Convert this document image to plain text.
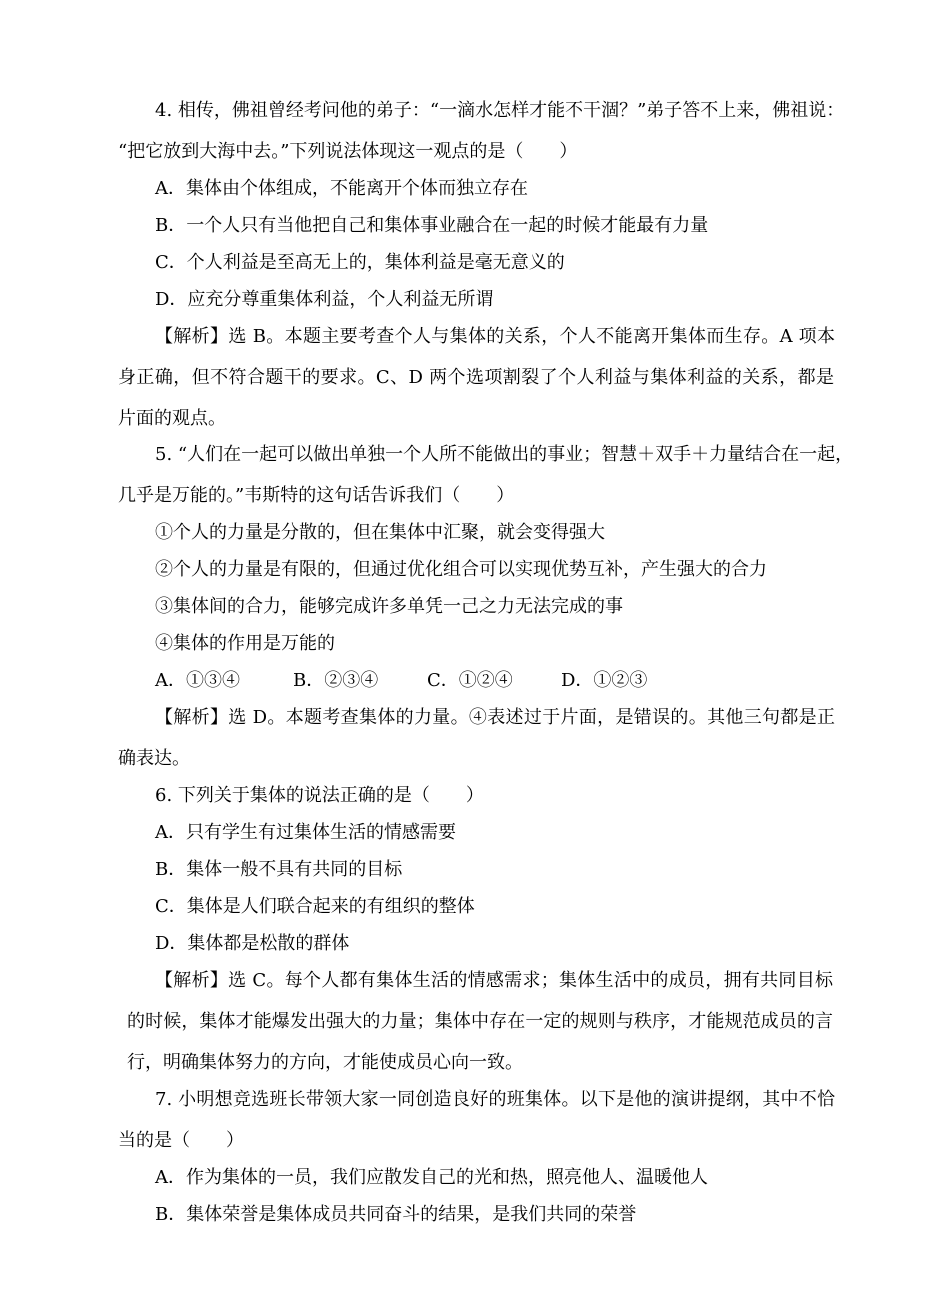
4. 相传，佛祖曾经考问他的弟子：“一滴水怎样才能不干涸？”弟子答不上来，佛祖说：
“把它放到大海中去。”下列说法体现这一观点的是（　　）
A．集体由个体组成，不能离开个体而独立存在
B．一个人只有当他把自己和集体事业融合在一起的时候才能最有力量
C．个人利益是至高无上的，集体利益是毫无意义的
D．应充分尊重集体利益，个人利益无所谓
【解析】选 B。本题主要考查个人与集体的关系，个人不能离开集体而生存。A 项本
身正确，但不符合题干的要求。C、D 两个选项割裂了个人利益与集体利益的关系，都是
片面的观点。
5. “人们在一起可以做出单独一个人所不能做出的事业；智慧＋双手＋力量结合在一起，
几乎是万能的。”韦斯特的这句话告诉我们（　　）
①个人的力量是分散的，但在集体中汇聚，就会变得强大
②个人的力量是有限的，但通过优化组合可以实现优势互补，产生强大的合力
③集体间的合力，能够完成许多单凭一己之力无法完成的事
④集体的作用是万能的
A．①③④	B．②③④	C．①②④	D．①②③
【解析】选 D。本题考查集体的力量。④表述过于片面，是错误的。其他三句都是正
确表达。
6. 下列关于集体的说法正确的是（　　）
A．只有学生有过集体生活的情感需要
B．集体一般不具有共同的目标
C．集体是人们联合起来的有组织的整体
D．集体都是松散的群体
【解析】选 C。每个人都有集体生活的情感需求；集体生活中的成员，拥有共同目标
的时候，集体才能爆发出强大的力量；集体中存在一定的规则与秩序，才能规范成员的言
行，明确集体努力的方向，才能使成员心向一致。
7. 小明想竞选班长带领大家一同创造良好的班集体。以下是他的演讲提纲，其中不恰
当的是（　　）
A．作为集体的一员，我们应散发自己的光和热，照亮他人、温暖他人
B．集体荣誉是集体成员共同奋斗的结果，是我们共同的荣誉
